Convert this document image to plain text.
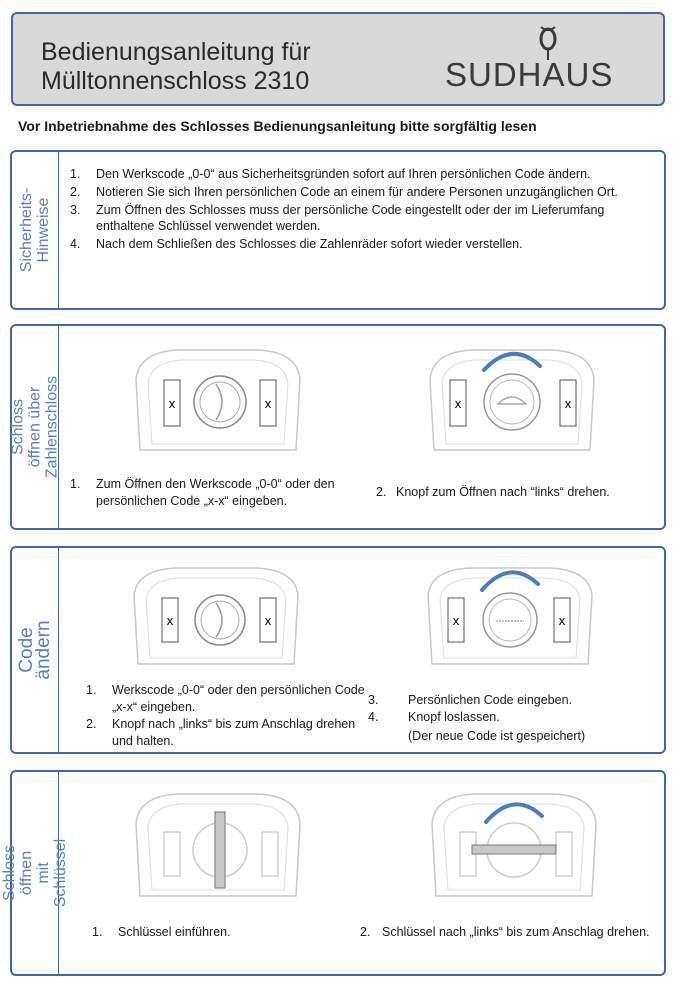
Bedienungsanleitung für
Mülltonnenschloss 2310	SUDHAUS
Vor Inbetriebnahme des Schlosses Bedienungsanleitung bitte sorgfältig lesen
Sicherheits-
Hinweise
1. Den Werkscode „0-0“ aus Sicherheitsgründen sofort auf Ihren persönlichen Code ändern.
2. Notieren Sie sich Ihren persönlichen Code an einem für andere Personen unzugänglichen Ort.
3. Zum Öffnen des Schlosses muss der persönliche Code eingestellt oder der im Lieferumfang enthaltene Schlüssel verwendet werden.
4. Nach dem Schließen des Schlosses die Zahlenräder sofort wieder verstellen.
Schloss öffnen über
Zahlenschloss	x	x	x	x
1. Zum Öffnen den Werkscode „0-0“ oder den persönlichen Code „x-x“ eingeben.
2. Knopf zum Öffnen nach “links“ drehen.
Code ändern	x	x	x	x
1. Werkscode „0-0“ oder den persönlichen Code „x-x“ eingeben.
2. Knopf nach „links“ bis zum Anschlag drehen und halten.
3. Persönlichen Code eingeben.
4. Knopf loslassen.
(Der neue Code ist gespeichert)
Schloss öffnen mit
Schlüssel
1. Schlüssel einführen.	2. Schlüssel nach „links“ bis zum Anschlag drehen.
